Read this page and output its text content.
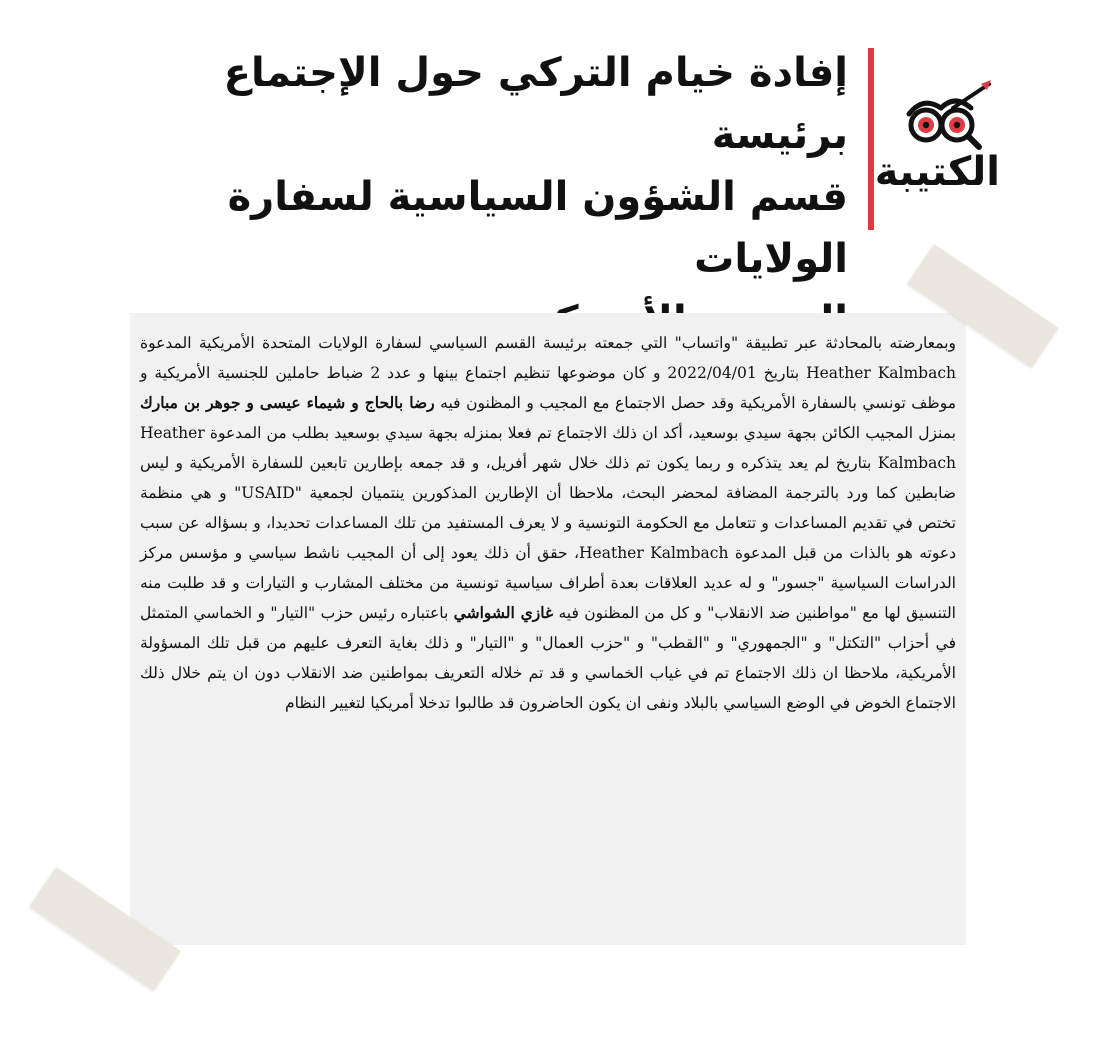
الكتيبة
إفادة خيام التركي حول الإجتماع برئيسة
قسم الشؤون السياسية لسفارة الولايات

وبمعارضته بالمحادثة عبر تطبيقة "واتساب" التي جمعته برئيسة القسم السياسي لسفارة الولايات المتحدة الأمريكية المدعوة Heather Kalmbach بتاريخ 2022/04/01 و كان موضوعها تنظيم اجتماع بينها و عدد 2 ضباط حاملين للجنسية الأمريكية و موظف تونسي بالسفارة الأمريكية وقد حصل الاجتماع مع المجيب و المظنون فيه رضا بالحاج و شيماء عيسى و جوهر بن مبارك بمنزل المجيب الكائن بجهة سيدي بوسعيد، أكد ان ذلك الاجتماع تم فعلا بمنزله بجهة سيدي بوسعيد بطلب من المدعوة Heather Kalmbach بتاريخ لم يعد يتذكره و ربما يكون تم ذلك خلال شهر أفريل، و قد جمعه بإطارين تابعين للسفارة الأمريكية و ليس ضابطين كما ورد بالترجمة المضافة لمحضر البحث، ملاحظا أن الإطارين المذكورين ينتميان لجمعية "USAID" و هي منظمة تختص في تقديم المساعدات و تتعامل مع الحكومة التونسية و لا يعرف المستفيد من تلك المساعدات تحديدا، و بسؤاله عن سبب دعوته هو بالذات من قبل المدعوة Heather Kalmbach، حقق أن ذلك يعود إلى أن المجيب ناشط سياسي و مؤسس مركز الدراسات السياسية "جسور" و له عديد العلاقات بعدة أطراف سياسية تونسية من مختلف المشارب و التيارات و قد طلبت منه التنسيق لها مع "مواطنين ضد الانقلاب" و كل من المظنون فيه غازي الشواشي باعتباره رئيس حزب "التيار" و الخماسي المتمثل في أحزاب "التكتل" و "الجمهوري" و "القطب" و "حزب العمال" و "التيار" و ذلك بغاية التعرف عليهم من قبل تلك المسؤولة الأمريكية، ملاحظا ان ذلك الاجتماع تم في غياب الخماسي و قد تم خلاله التعريف بمواطنين ضد الانقلاب دون ان يتم خلال ذلك الاجتماع الخوض في الوضع السياسي بالبلاد ونفى ان يكون الحاضرون قد طالبوا تدخلا أمريكيا لتغيير النظام
